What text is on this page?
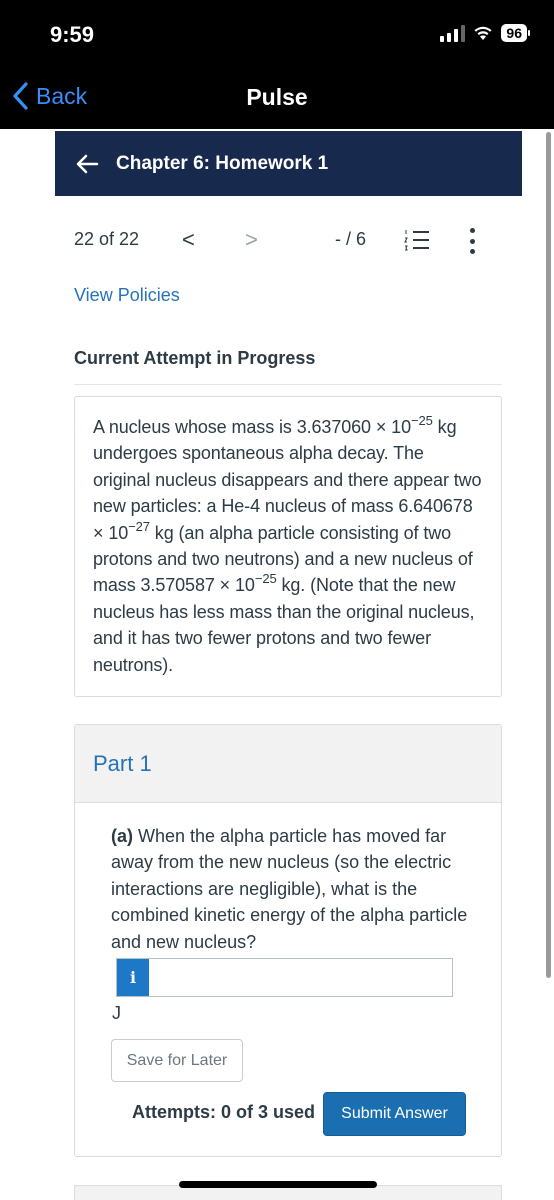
9:59	96
Back	Pulse
Chapter 6: Homework 1
22 of 22 < >	- / 6
View Policies
Current Attempt in Progress

A nucleus whose mass is $3.637060 \times 10^{-25}$ kg undergoes spontaneous alpha decay. The original nucleus disappears and there appear two new particles: a He-4 nucleus of mass $6.640678 \times 10^{-27}$ kg (an alpha particle consisting of two protons and two neutrons) and a new nucleus of mass $3.570587 \times 10^{-25}$ kg. (Note that the new nucleus has less mass than the original nucleus, and it has two fewer protons and two fewer neutrons).

Part 1
(a) When the alpha particle has moved far away from the new nucleus (so the electric interactions are negligible), what is the combined kinetic energy of the alpha particle and new nucleus?
i
J
Save for Later
Attempts: 0 of 3 used	Submit Answer
